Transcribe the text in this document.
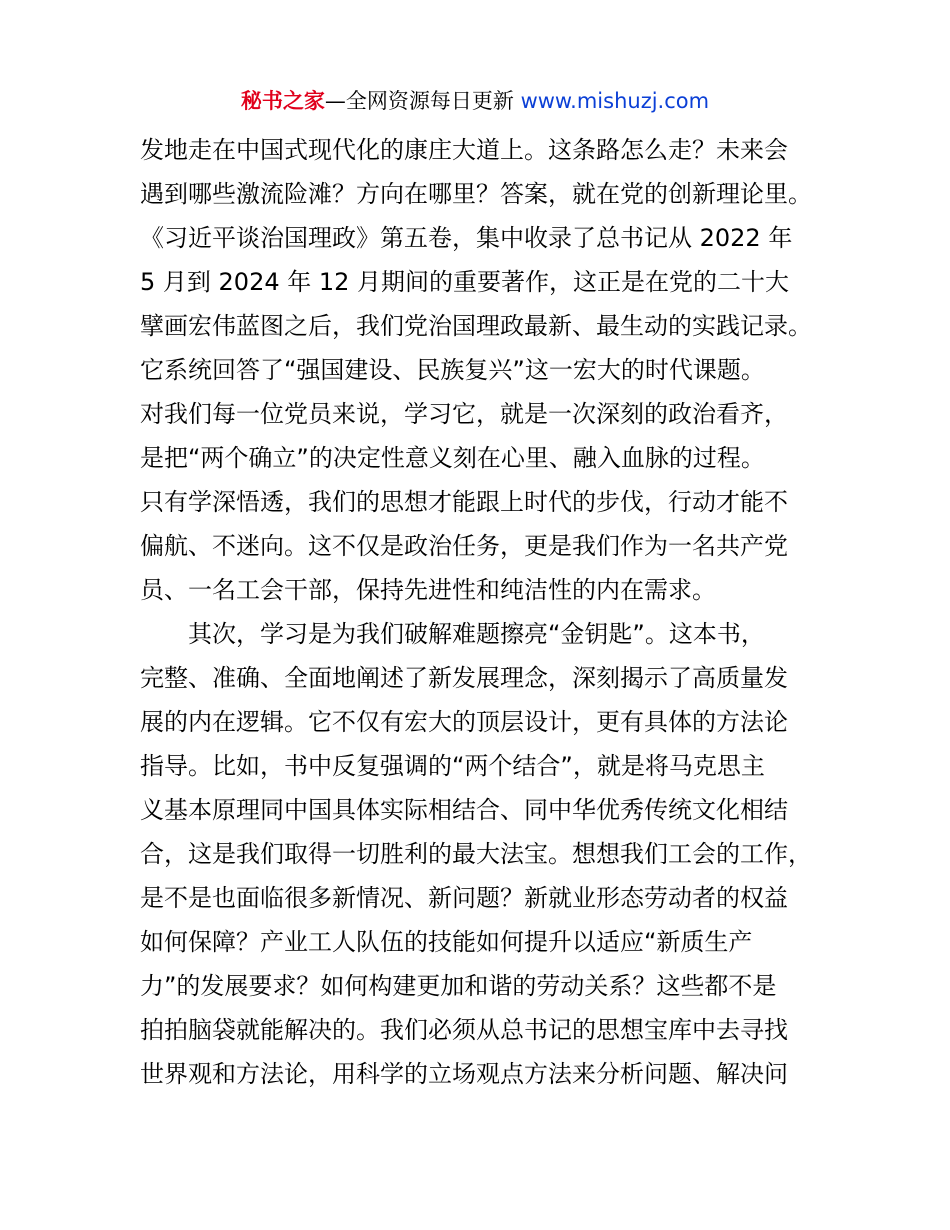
秘书之家—全网资源每日更新 www.mishuzj.com
发地走在中国式现代化的康庄大道上。这条路怎么走？未来会
遇到哪些激流险滩？方向在哪里？答案，就在党的创新理论里。
《习近平谈治国理政》第五卷，集中收录了总书记从 2022 年
5 月到 2024 年 12 月期间的重要著作，这正是在党的二十大
擘画宏伟蓝图之后，我们党治国理政最新、最生动的实践记录。
它系统回答了“强国建设、民族复兴”这一宏大的时代课题。
对我们每一位党员来说，学习它，就是一次深刻的政治看齐，
是把“两个确立”的决定性意义刻在心里、融入血脉的过程。
只有学深悟透，我们的思想才能跟上时代的步伐，行动才能不
偏航、不迷向。这不仅是政治任务，更是我们作为一名共产党
员、一名工会干部，保持先进性和纯洁性的内在需求。
其次，学习是为我们破解难题擦亮“金钥匙”。这本书，
完整、准确、全面地阐述了新发展理念，深刻揭示了高质量发
展的内在逻辑。它不仅有宏大的顶层设计，更有具体的方法论
指导。比如，书中反复强调的“两个结合”，就是将马克思主
义基本原理同中国具体实际相结合、同中华优秀传统文化相结
合，这是我们取得一切胜利的最大法宝。想想我们工会的工作，
是不是也面临很多新情况、新问题？新就业形态劳动者的权益
如何保障？产业工人队伍的技能如何提升以适应“新质生产
力”的发展要求？如何构建更加和谐的劳动关系？这些都不是
拍拍脑袋就能解决的。我们必须从总书记的思想宝库中去寻找
世界观和方法论，用科学的立场观点方法来分析问题、解决问
